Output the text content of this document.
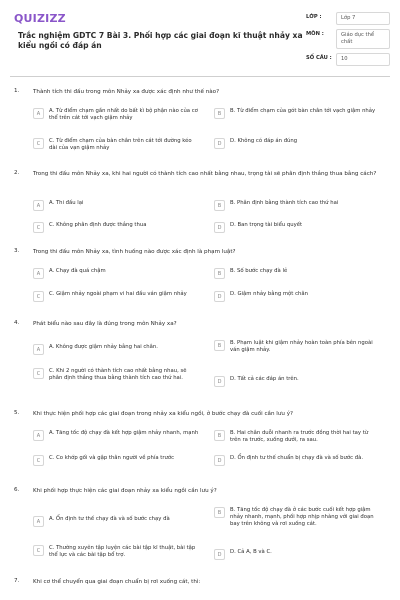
QUIZIZZ
Trắc nghiệm GDTC 7 Bài 3. Phối hợp các giai đoạn kĩ thuật nhảy xa kiểu ngồi có đáp án
LỚP :	Lớp 7
MÔN :	Giáo dục thể chất
SỐ CÂU :	10
1. Thành tích thi đấu trong môn Nhảy xa được xác định như thế nào?
A	A. Từ điểm chạm gần nhất do bất kì bộ phận nào của cơ thể trên cát tới vạch giậm nhảy
B	B. Từ điểm chạm của gót bàn chân tới vạch giậm nhảy
C	C. Từ điểm chạm của bàn chân trên cát tới đường kéo dài của vạn giậm nhảy
D	D. Không có đáp án đúng
2. Trong thi đấu môn Nhảy xa, khi hai người có thành tích cao nhất bằng nhau, trọng tài sẽ phân định thắng thua bằng cách?
A	A. Thi đấu lại	B	B. Phân định bằng thành tích cao thứ hai
C	C. Không phân định được thắng thua	D	D. Ban trọng tài biểu quyết
3. Trong thi đấu môn Nhảy xa, tình huống nào được xác định là phạm luật?
A	A. Chạy đà quá chậm	B	B. Số bước chạy đà lẻ
C	C. Giậm nhảy ngoài phạm vi hai đầu ván giậm nhảy	D	D. Giậm nhảy bằng một chân
4. Phát biểu nào sau đây là đúng trong môn Nhảy xa?
A	A. Không được giậm nhảy bằng hai chân.	B	B. Phạm luật khi giậm nhảy hoàn toàn phía bên ngoài ván giậm nhảy.
C	C. Khi 2 người có thành tích cao nhất bằng nhau, sẽ phân định thắng thua bằng thành tích cao thứ hai.
D	D. Tất cả các đáp án trên.
5. Khi thực hiện phối hợp các giai đoạn trong nhảy xa kiểu ngồi, ở bước chạy đà cuối cần lưu ý?
A	A. Tăng tốc độ chạy đà kết hợp giậm nhảy nhanh, mạnh	B	B. Hai chân duỗi nhanh ra trước đồng thời hai tay từ trên ra trước, xuống dưới, ra sau.
C	C. Co khớp gối và gập thân người về phía trước	D	D. Ổn định tư thế chuẩn bị chạy đà và số bước đà.
6. Khi phối hợp thực hiện các giai đoạn nhảy xa kiểu ngồi cần lưu ý?
A	A. Ổn định tư thế chạy đà và số bước chạy đà
B	B. Tăng tốc độ chạy đà ở các bước cuối kết hợp giậm nhảy nhanh, mạnh, phối hợp nhịp nhàng với giai đoạn bay trên không và rơi xuống cát.
C	C. Thường xuyên tập luyện các bài tập kĩ thuật, bài tập thể lực và các bài tập bổ trợ.	D	D. Cả A, B và C.
7. Khi cơ thể chuyển qua giai đoạn chuẩn bị rơi xuống cát, thì:
